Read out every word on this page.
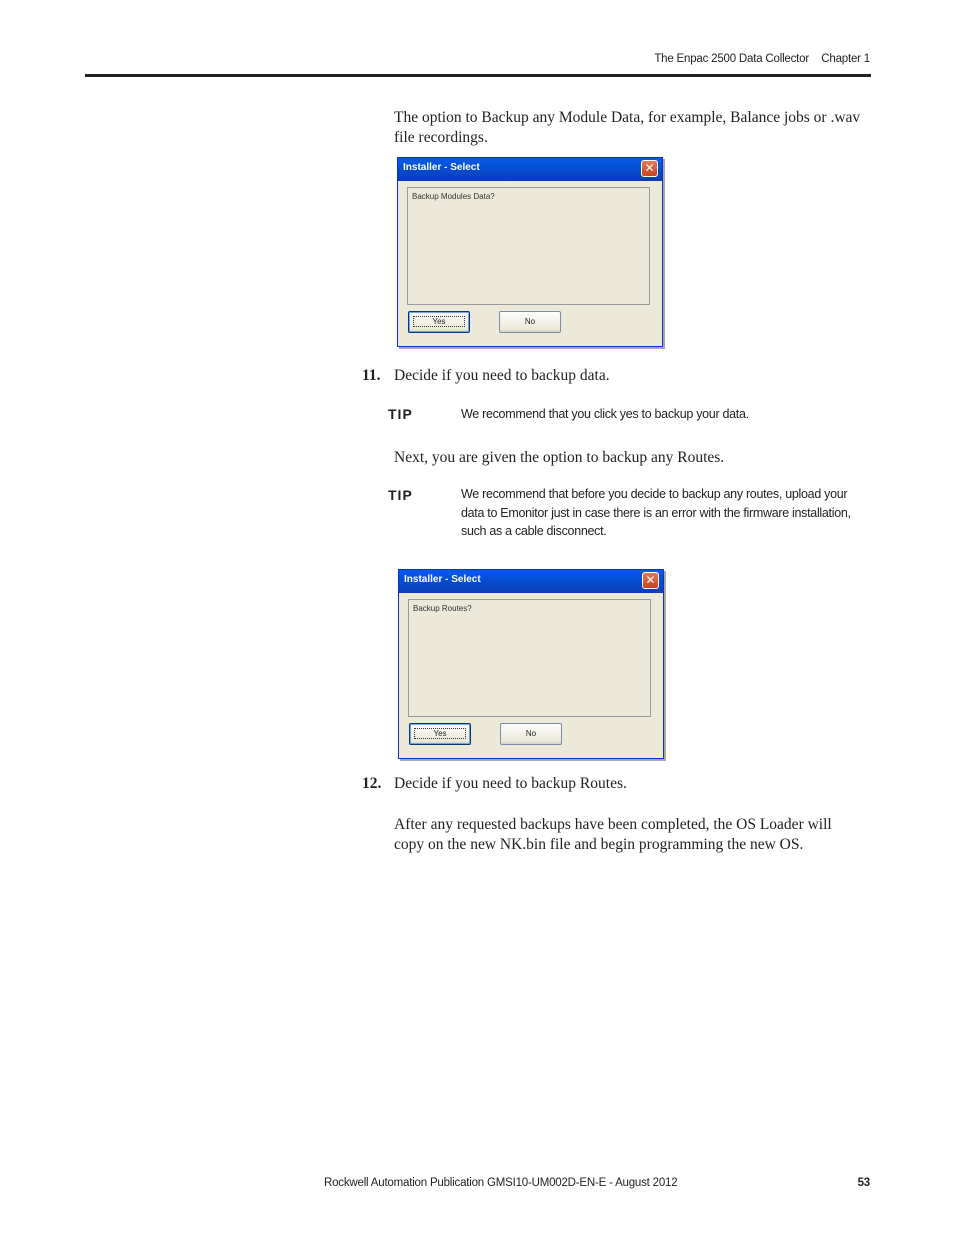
The Enpac 2500 Data Collector Chapter 1
The option to Backup any Module Data, for example, Balance jobs or .wav file recordings.
Installer - Select	✕
Backup Modules Data?
Yes	No
11. Decide if you need to backup data.
TIP	We recommend that you click yes to backup your data.
Next, you are given the option to backup any Routes.
TIP	We recommend that before you decide to backup any routes, upload your data to Emonitor just in case there is an error with the firmware installation, such as a cable disconnect.
Installer - Select	✕
Backup Routes?
Yes	No
12. Decide if you need to backup Routes.
After any requested backups have been completed, the OS Loader will copy on the new NK.bin file and begin programming the new OS.
Rockwell Automation Publication GMSI10-UM002D-EN-E - August 2012	53
